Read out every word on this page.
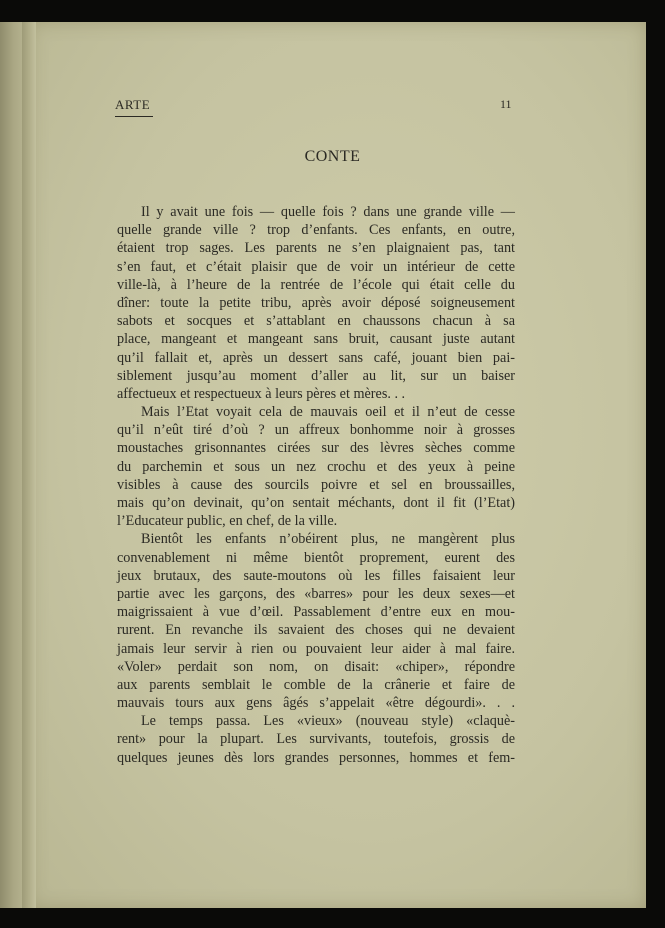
ARTE	11
CONTE
Il y avait une fois — quelle fois ? dans une grande ville —
quelle grande ville ? trop d’enfants. Ces enfants, en outre,
étaient trop sages. Les parents ne s’en plaignaient pas, tant
s’en faut, et c’était plaisir que de voir un intérieur de cette
ville-là, à l’heure de la rentrée de l’école qui était celle du
dîner: toute la petite tribu, après avoir déposé soigneusement
sabots et socques et s’attablant en chaussons chacun à sa
place, mangeant et mangeant sans bruit, causant juste autant
qu’il fallait et, après un dessert sans café, jouant bien pai-
siblement jusqu’au moment d’aller au lit, sur un baiser
affectueux et respectueux à leurs pères et mères. . .
Mais l’Etat voyait cela de mauvais oeil et il n’eut de cesse
qu’il n’eût tiré d’où ? un affreux bonhomme noir à grosses
moustaches grisonnantes cirées sur des lèvres sèches comme
du parchemin et sous un nez crochu et des yeux à peine
visibles à cause des sourcils poivre et sel en broussailles,
mais qu’on devinait, qu’on sentait méchants, dont il fit (l’Etat)
l’Educateur public, en chef, de la ville.
Bientôt les enfants n’obéirent plus, ne mangèrent plus
convenablement ni même bientôt proprement, eurent des
jeux brutaux, des saute-moutons où les filles faisaient leur
partie avec les garçons, des «barres» pour les deux sexes—et
maigrissaient à vue d’œil. Passablement d’entre eux en mou-
rurent. En revanche ils savaient des choses qui ne devaient
jamais leur servir à rien ou pouvaient leur aider à mal faire.
«Voler» perdait son nom, on disait: «chiper», répondre
aux parents semblait le comble de la crânerie et faire de
mauvais tours aux gens âgés s’appelait «être dégourdi». . .
Le temps passa. Les «vieux» (nouveau style) «claquè-
rent» pour la plupart. Les survivants, toutefois, grossis de
quelques jeunes dès lors grandes personnes, hommes et fem-
